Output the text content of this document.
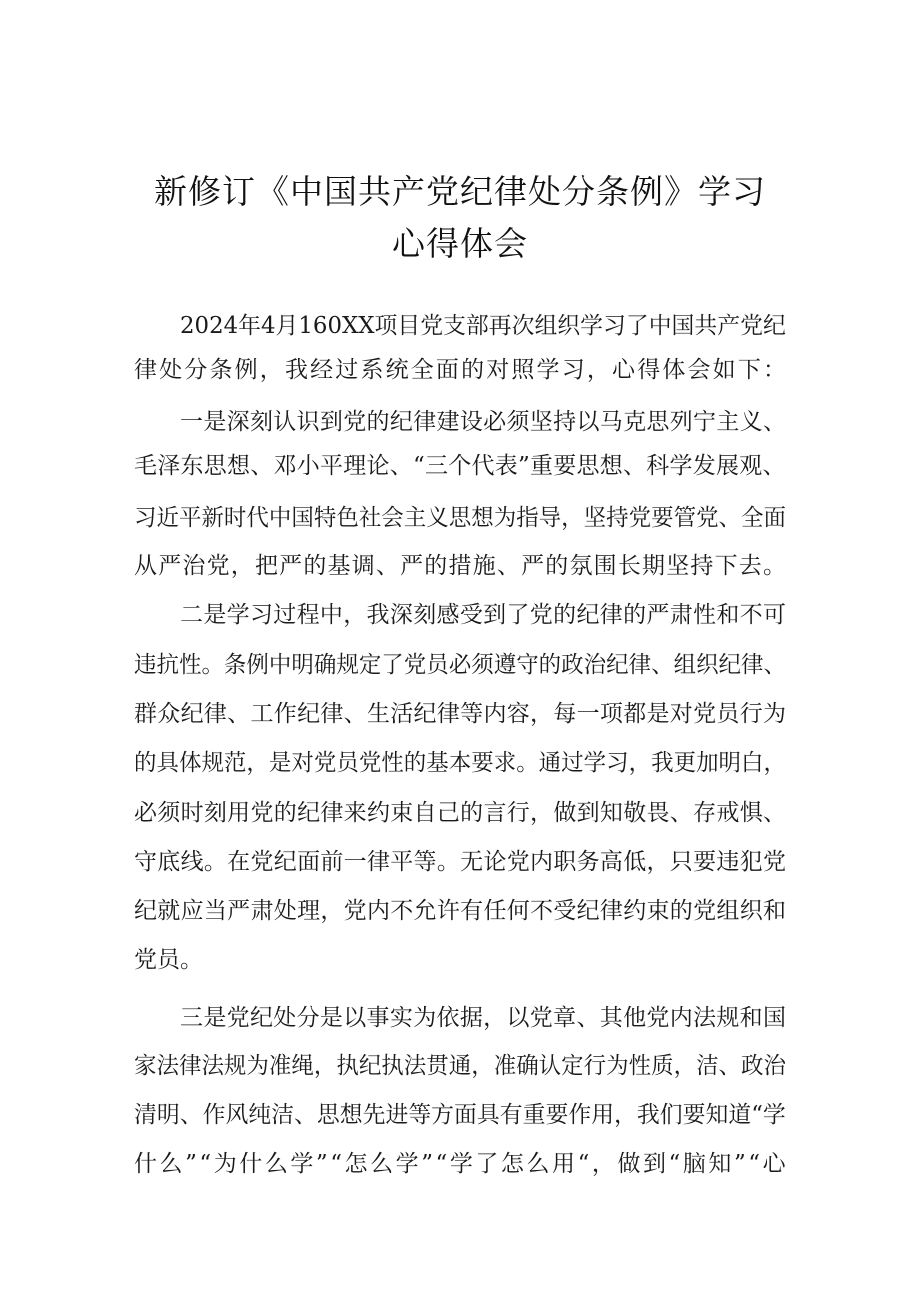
新修订《中国共产党纪律处分条例》学习
心得体会
2024年4月160XX项目党支部再次组织学习了中国共产党纪
律处分条例，我经过系统全面的对照学习，心得体会如下：
一是深刻认识到党的纪律建设必须坚持以马克思列宁主义、
毛泽东思想、邓小平理论、“三个代表”重要思想、科学发展观、
习近平新时代中国特色社会主义思想为指导，坚持党要管党、全面
从严治党，把严的基调、严的措施、严的氛围长期坚持下去。
二是学习过程中，我深刻感受到了党的纪律的严肃性和不可
违抗性。条例中明确规定了党员必须遵守的政治纪律、组织纪律、
群众纪律、工作纪律、生活纪律等内容，每一项都是对党员行为
的具体规范，是对党员党性的基本要求。通过学习，我更加明白，
必须时刻用党的纪律来约束自己的言行，做到知敬畏、存戒惧、
守底线。在党纪面前一律平等。无论党内职务高低，只要违犯党
纪就应当严肃处理，党内不允许有任何不受纪律约束的党组织和
党员。
三是党纪处分是以事实为依据，以党章、其他党内法规和国
家法律法规为准绳，执纪执法贯通，准确认定行为性质，洁、政治
清明、作风纯洁、思想先进等方面具有重要作用，我们要知道“学
什么”“为什么学”“怎么学”“学了怎么用“，做到“脑知”“心
